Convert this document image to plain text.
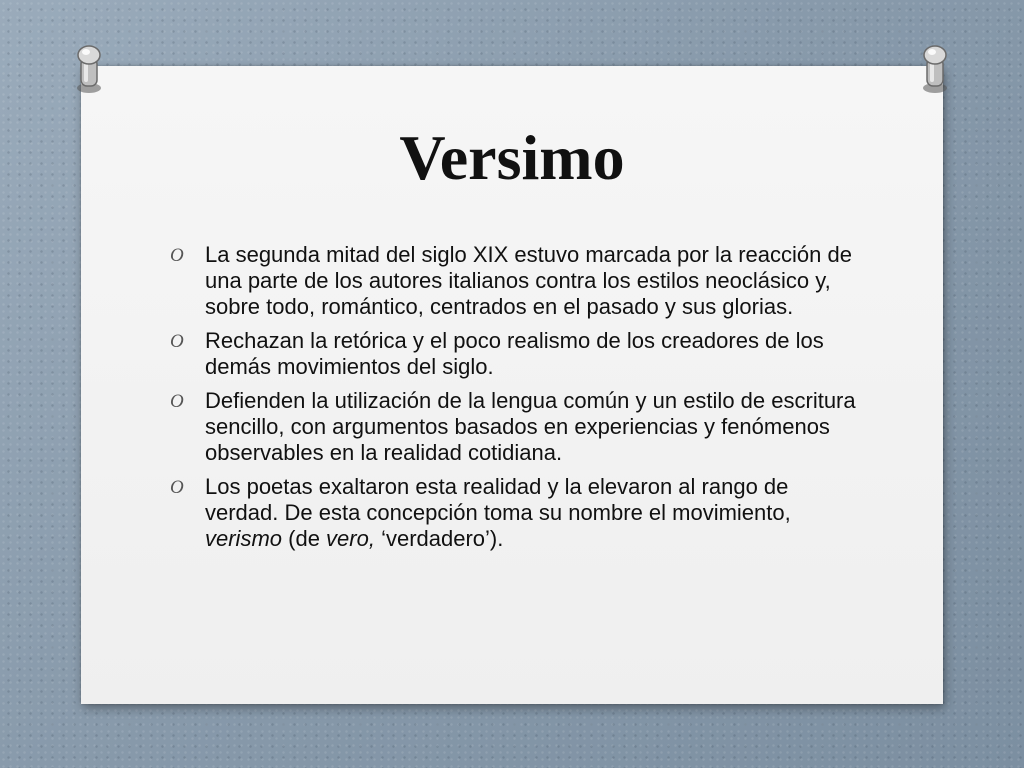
Versimo
O La segunda mitad del siglo XIX estuvo marcada por la reacción de una parte de los autores italianos contra los estilos neoclásico y, sobre todo, romántico, centrados en el pasado y sus glorias.
O Rechazan la retórica y el poco realismo de los creadores de los demás movimientos del siglo.
O Defienden la utilización de la lengua común y un estilo de escritura sencillo, con argumentos basados en experiencias y fenómenos observables en la realidad cotidiana.
O Los poetas exaltaron esta realidad y la elevaron al rango de verdad. De esta concepción toma su nombre el movimiento, verismo (de vero, ‘verdadero’).
